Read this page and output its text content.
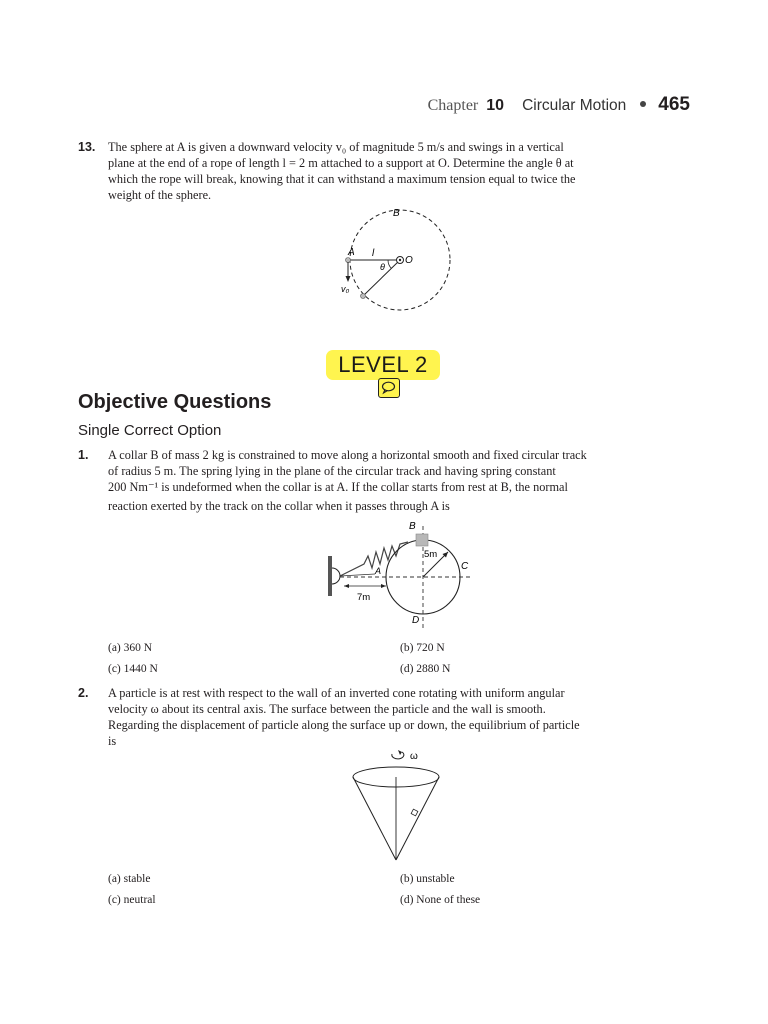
Chapter 10 Circular Motion 465
13. The sphere at A is given a downward velocity v₀ of magnitude 5 m/s and swings in a vertical
plane at the end of a rope of length l = 2 m attached to a support at O. Determine the angle θ at
which the rope will break, knowing that it can withstand a maximum tension equal to twice the
weight of the sphere.
B
A l
θ
O
v₀
LEVEL 2
Objective Questions
Single Correct Option
1. A collar B of mass 2 kg is constrained to move along a horizontal smooth and fixed circular track
of radius 5 m. The spring lying in the plane of the circular track and having spring constant
200 Nm⁻¹ is undeformed when the collar is at A. If the collar starts from rest at B, the normal
reaction exerted by the track on the collar when it passes through A is
B
5m
A	C
7m
D
(a) 360 N	(b) 720 N
(c) 1440 N	(d) 2880 N
2. A particle is at rest with respect to the wall of an inverted cone rotating with uniform angular
velocity ω about its central axis. The surface between the particle and the wall is smooth.
Regarding the displacement of particle along the surface up or down, the equilibrium of particle
is
ω
(a) stable	(b) unstable
(c) neutral	(d) None of these
